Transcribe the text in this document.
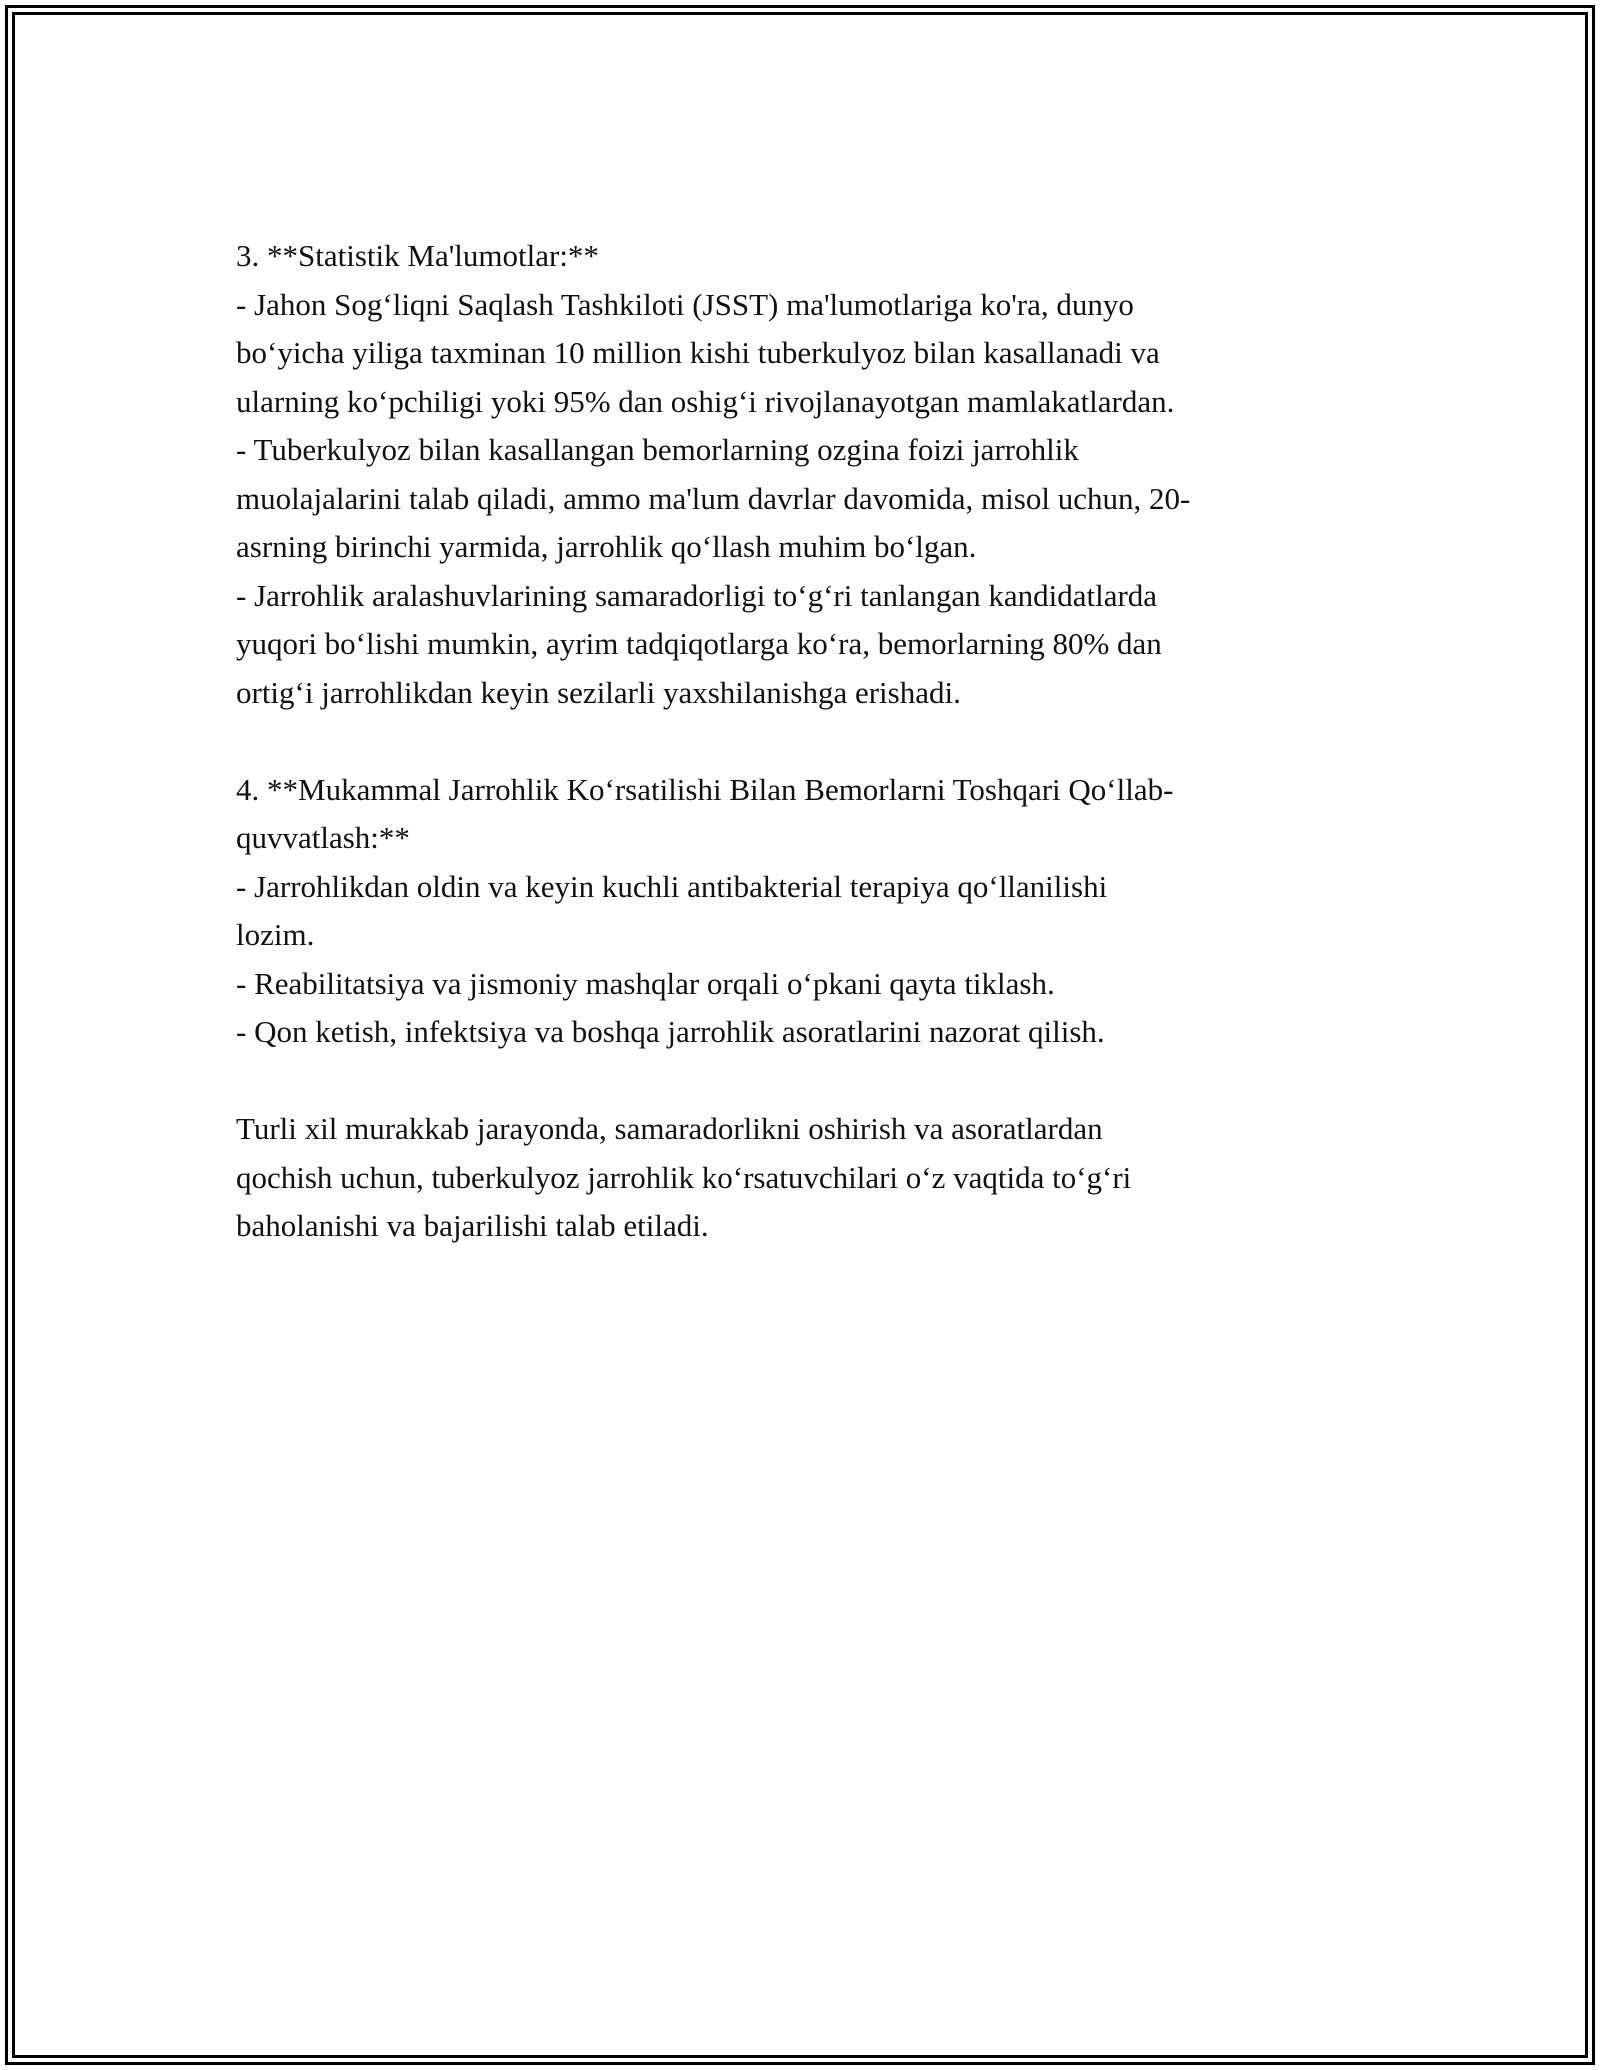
3. **Statistik Ma'lumotlar:**
- Jahon Sog‘liqni Saqlash Tashkiloti (JSST) ma'lumotlariga ko'ra, dunyo
bo‘yicha yiliga taxminan 10 million kishi tuberkulyoz bilan kasallanadi va
ularning ko‘pchiligi yoki 95% dan oshig‘i rivojlanayotgan mamlakatlardan.
- Tuberkulyoz bilan kasallangan bemorlarning ozgina foizi jarrohlik
muolajalarini talab qiladi, ammo ma'lum davrlar davomida, misol uchun, 20-
asrning birinchi yarmida, jarrohlik qo‘llash muhim bo‘lgan.
- Jarrohlik aralashuvlarining samaradorligi to‘g‘ri tanlangan kandidatlarda
yuqori bo‘lishi mumkin, ayrim tadqiqotlarga ko‘ra, bemorlarning 80% dan
ortig‘i jarrohlikdan keyin sezilarli yaxshilanishga erishadi.
4. **Mukammal Jarrohlik Ko‘rsatilishi Bilan Bemorlarni Toshqari Qo‘llab-
quvvatlash:**
- Jarrohlikdan oldin va keyin kuchli antibakterial terapiya qo‘llanilishi
lozim.
- Reabilitatsiya va jismoniy mashqlar orqali o‘pkani qayta tiklash.
- Qon ketish, infektsiya va boshqa jarrohlik asoratlarini nazorat qilish.
Turli xil murakkab jarayonda, samaradorlikni oshirish va asoratlardan
qochish uchun, tuberkulyoz jarrohlik ko‘rsatuvchilari o‘z vaqtida to‘g‘ri
baholanishi va bajarilishi talab etiladi.
